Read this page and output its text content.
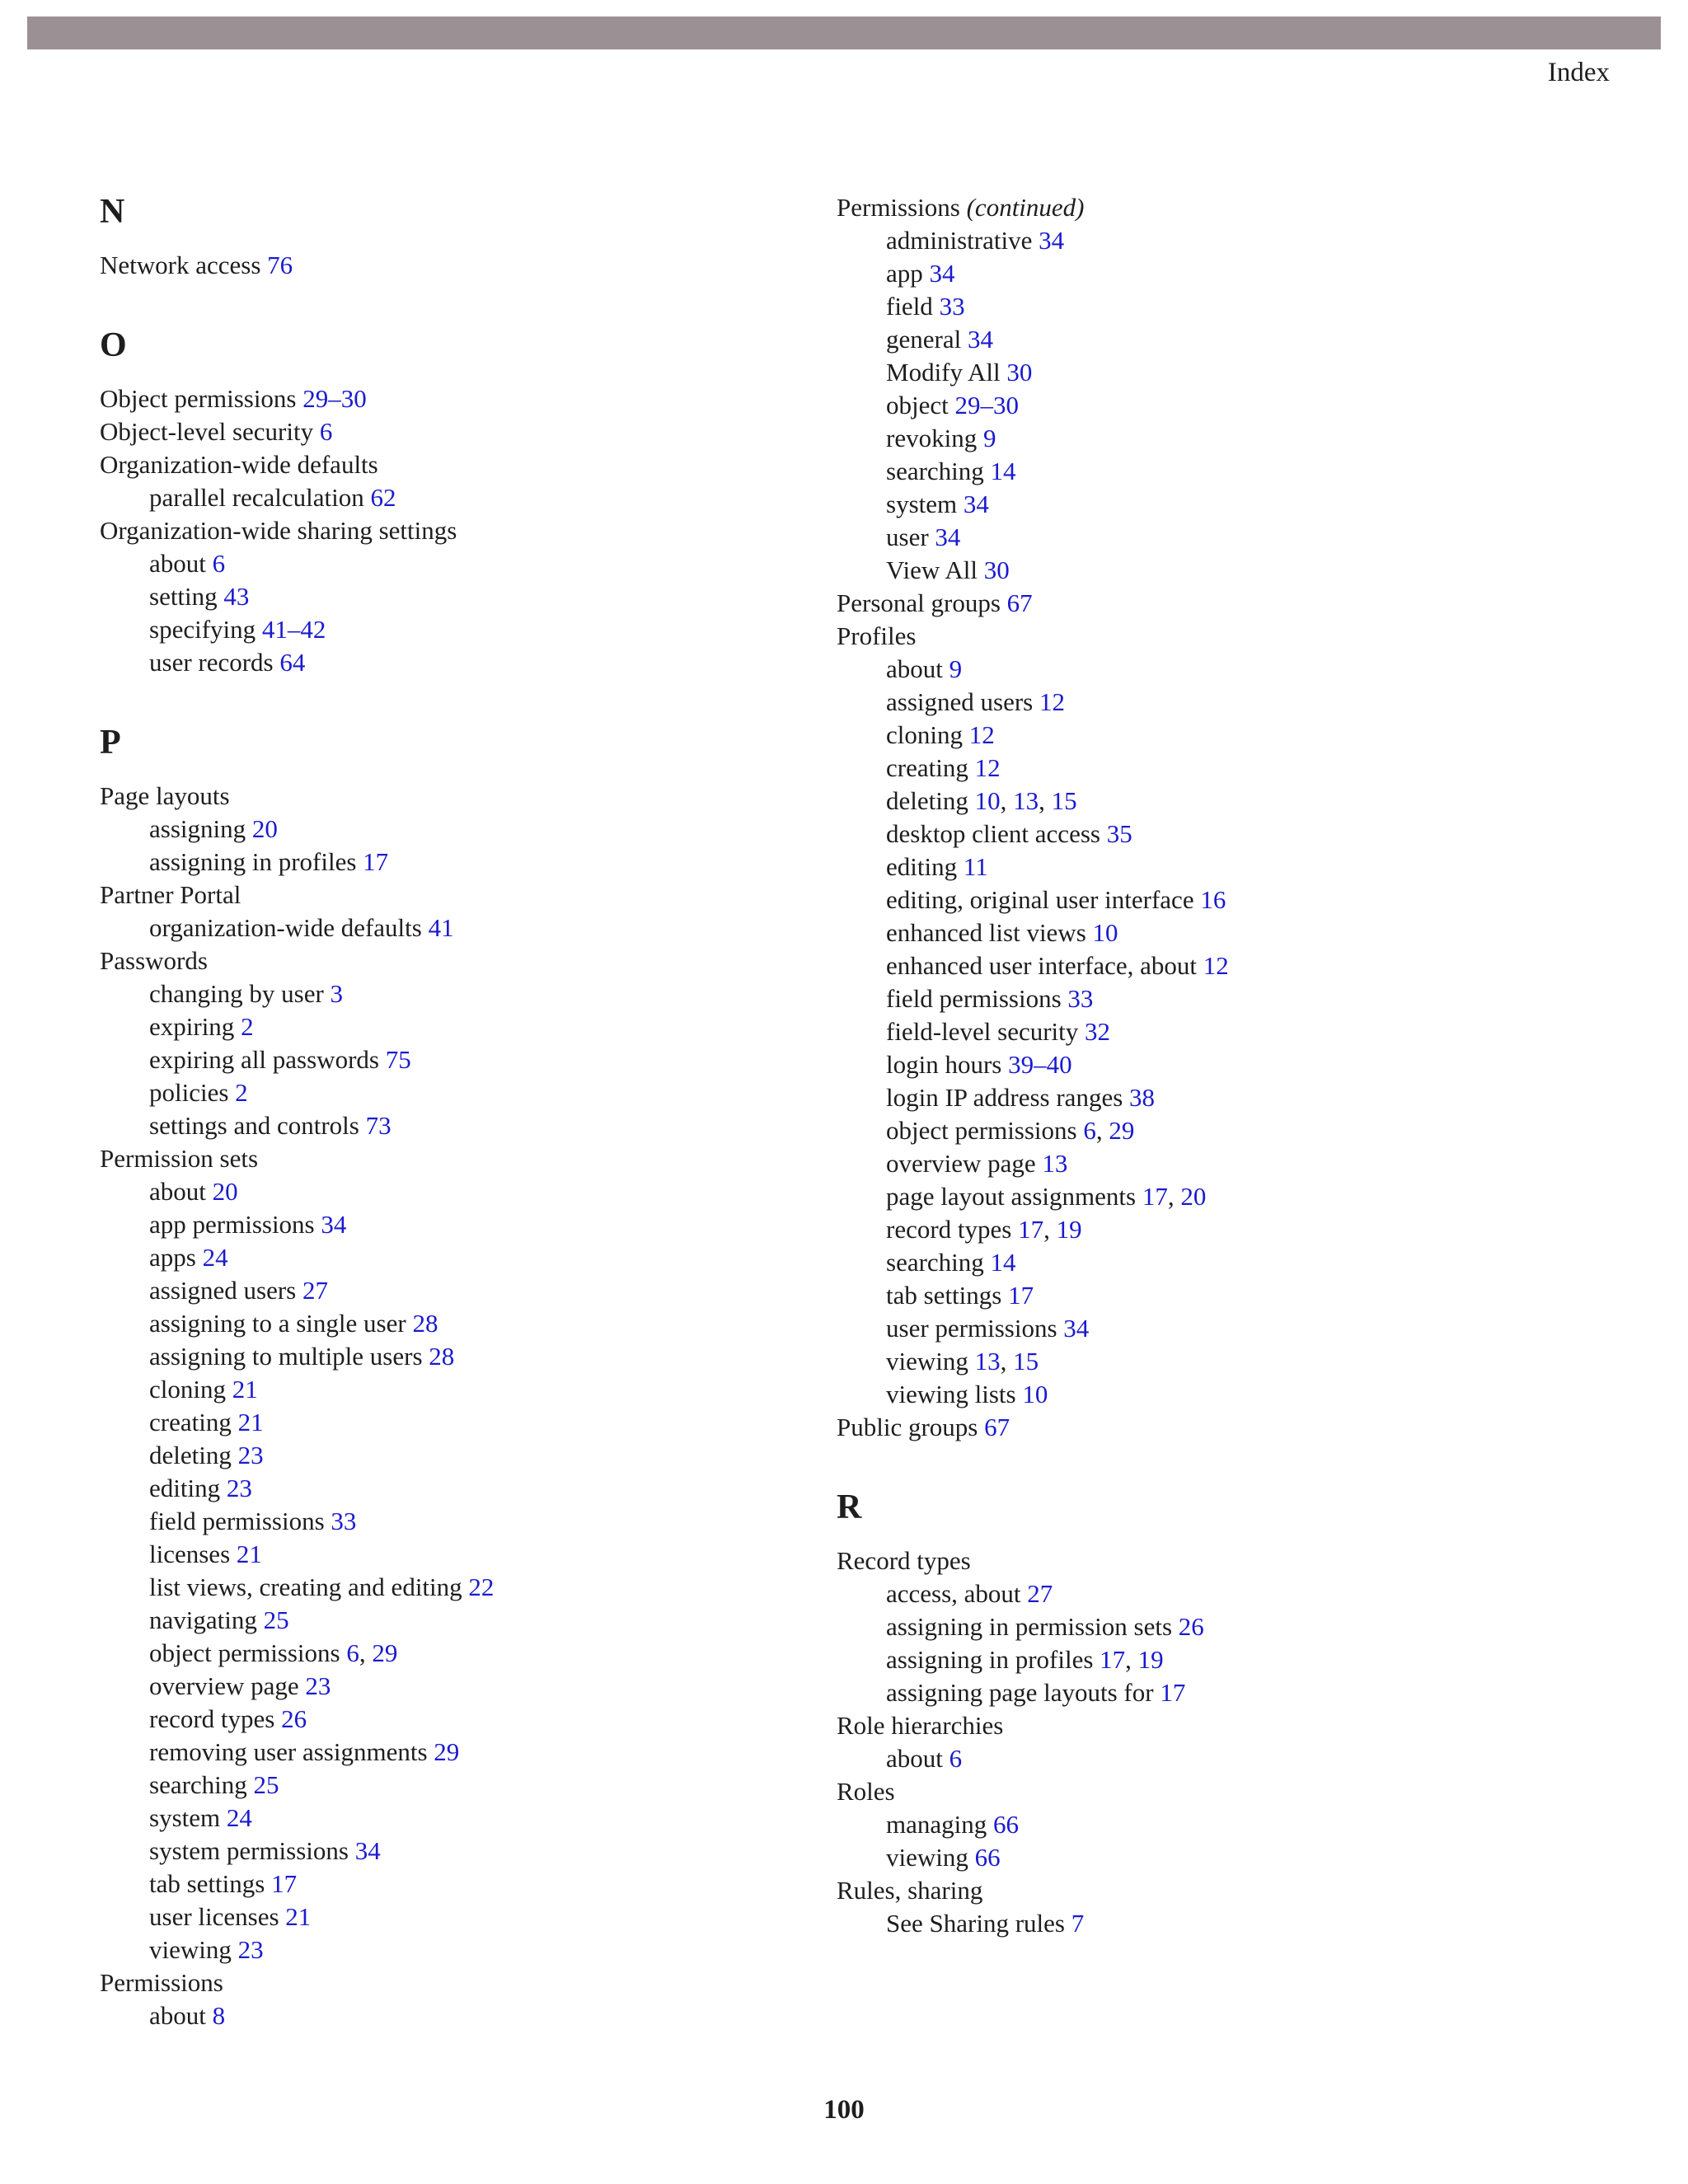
Index
N
Network access 76
O
Object permissions 29–30
Object-level security 6
Organization-wide defaults
parallel recalculation 62
Organization-wide sharing settings
about 6
setting 43
specifying 41–42
user records 64
P
Page layouts
assigning 20
assigning in profiles 17
Partner Portal
organization-wide defaults 41
Passwords
changing by user 3
expiring 2
expiring all passwords 75
policies 2
settings and controls 73
Permission sets
about 20
app permissions 34
apps 24
assigned users 27
assigning to a single user 28
assigning to multiple users 28
cloning 21
creating 21
deleting 23
editing 23
field permissions 33
licenses 21
list views, creating and editing 22
navigating 25
object permissions 6, 29
overview page 23
record types 26
removing user assignments 29
searching 25
system 24
system permissions 34
tab settings 17
user licenses 21
viewing 23
Permissions
about 8
Permissions (continued)
administrative 34
app 34
field 33
general 34
Modify All 30
object 29–30
revoking 9
searching 14
system 34
user 34
View All 30
Personal groups 67
Profiles
about 9
assigned users 12
cloning 12
creating 12
deleting 10, 13, 15
desktop client access 35
editing 11
editing, original user interface 16
enhanced list views 10
enhanced user interface, about 12
field permissions 33
field-level security 32
login hours 39–40
login IP address ranges 38
object permissions 6, 29
overview page 13
page layout assignments 17, 20
record types 17, 19
searching 14
tab settings 17
user permissions 34
viewing 13, 15
viewing lists 10
Public groups 67
R
Record types
access, about 27
assigning in permission sets 26
assigning in profiles 17, 19
assigning page layouts for 17
Role hierarchies
about 6
Roles
managing 66
viewing 66
Rules, sharing
See Sharing rules 7
100
